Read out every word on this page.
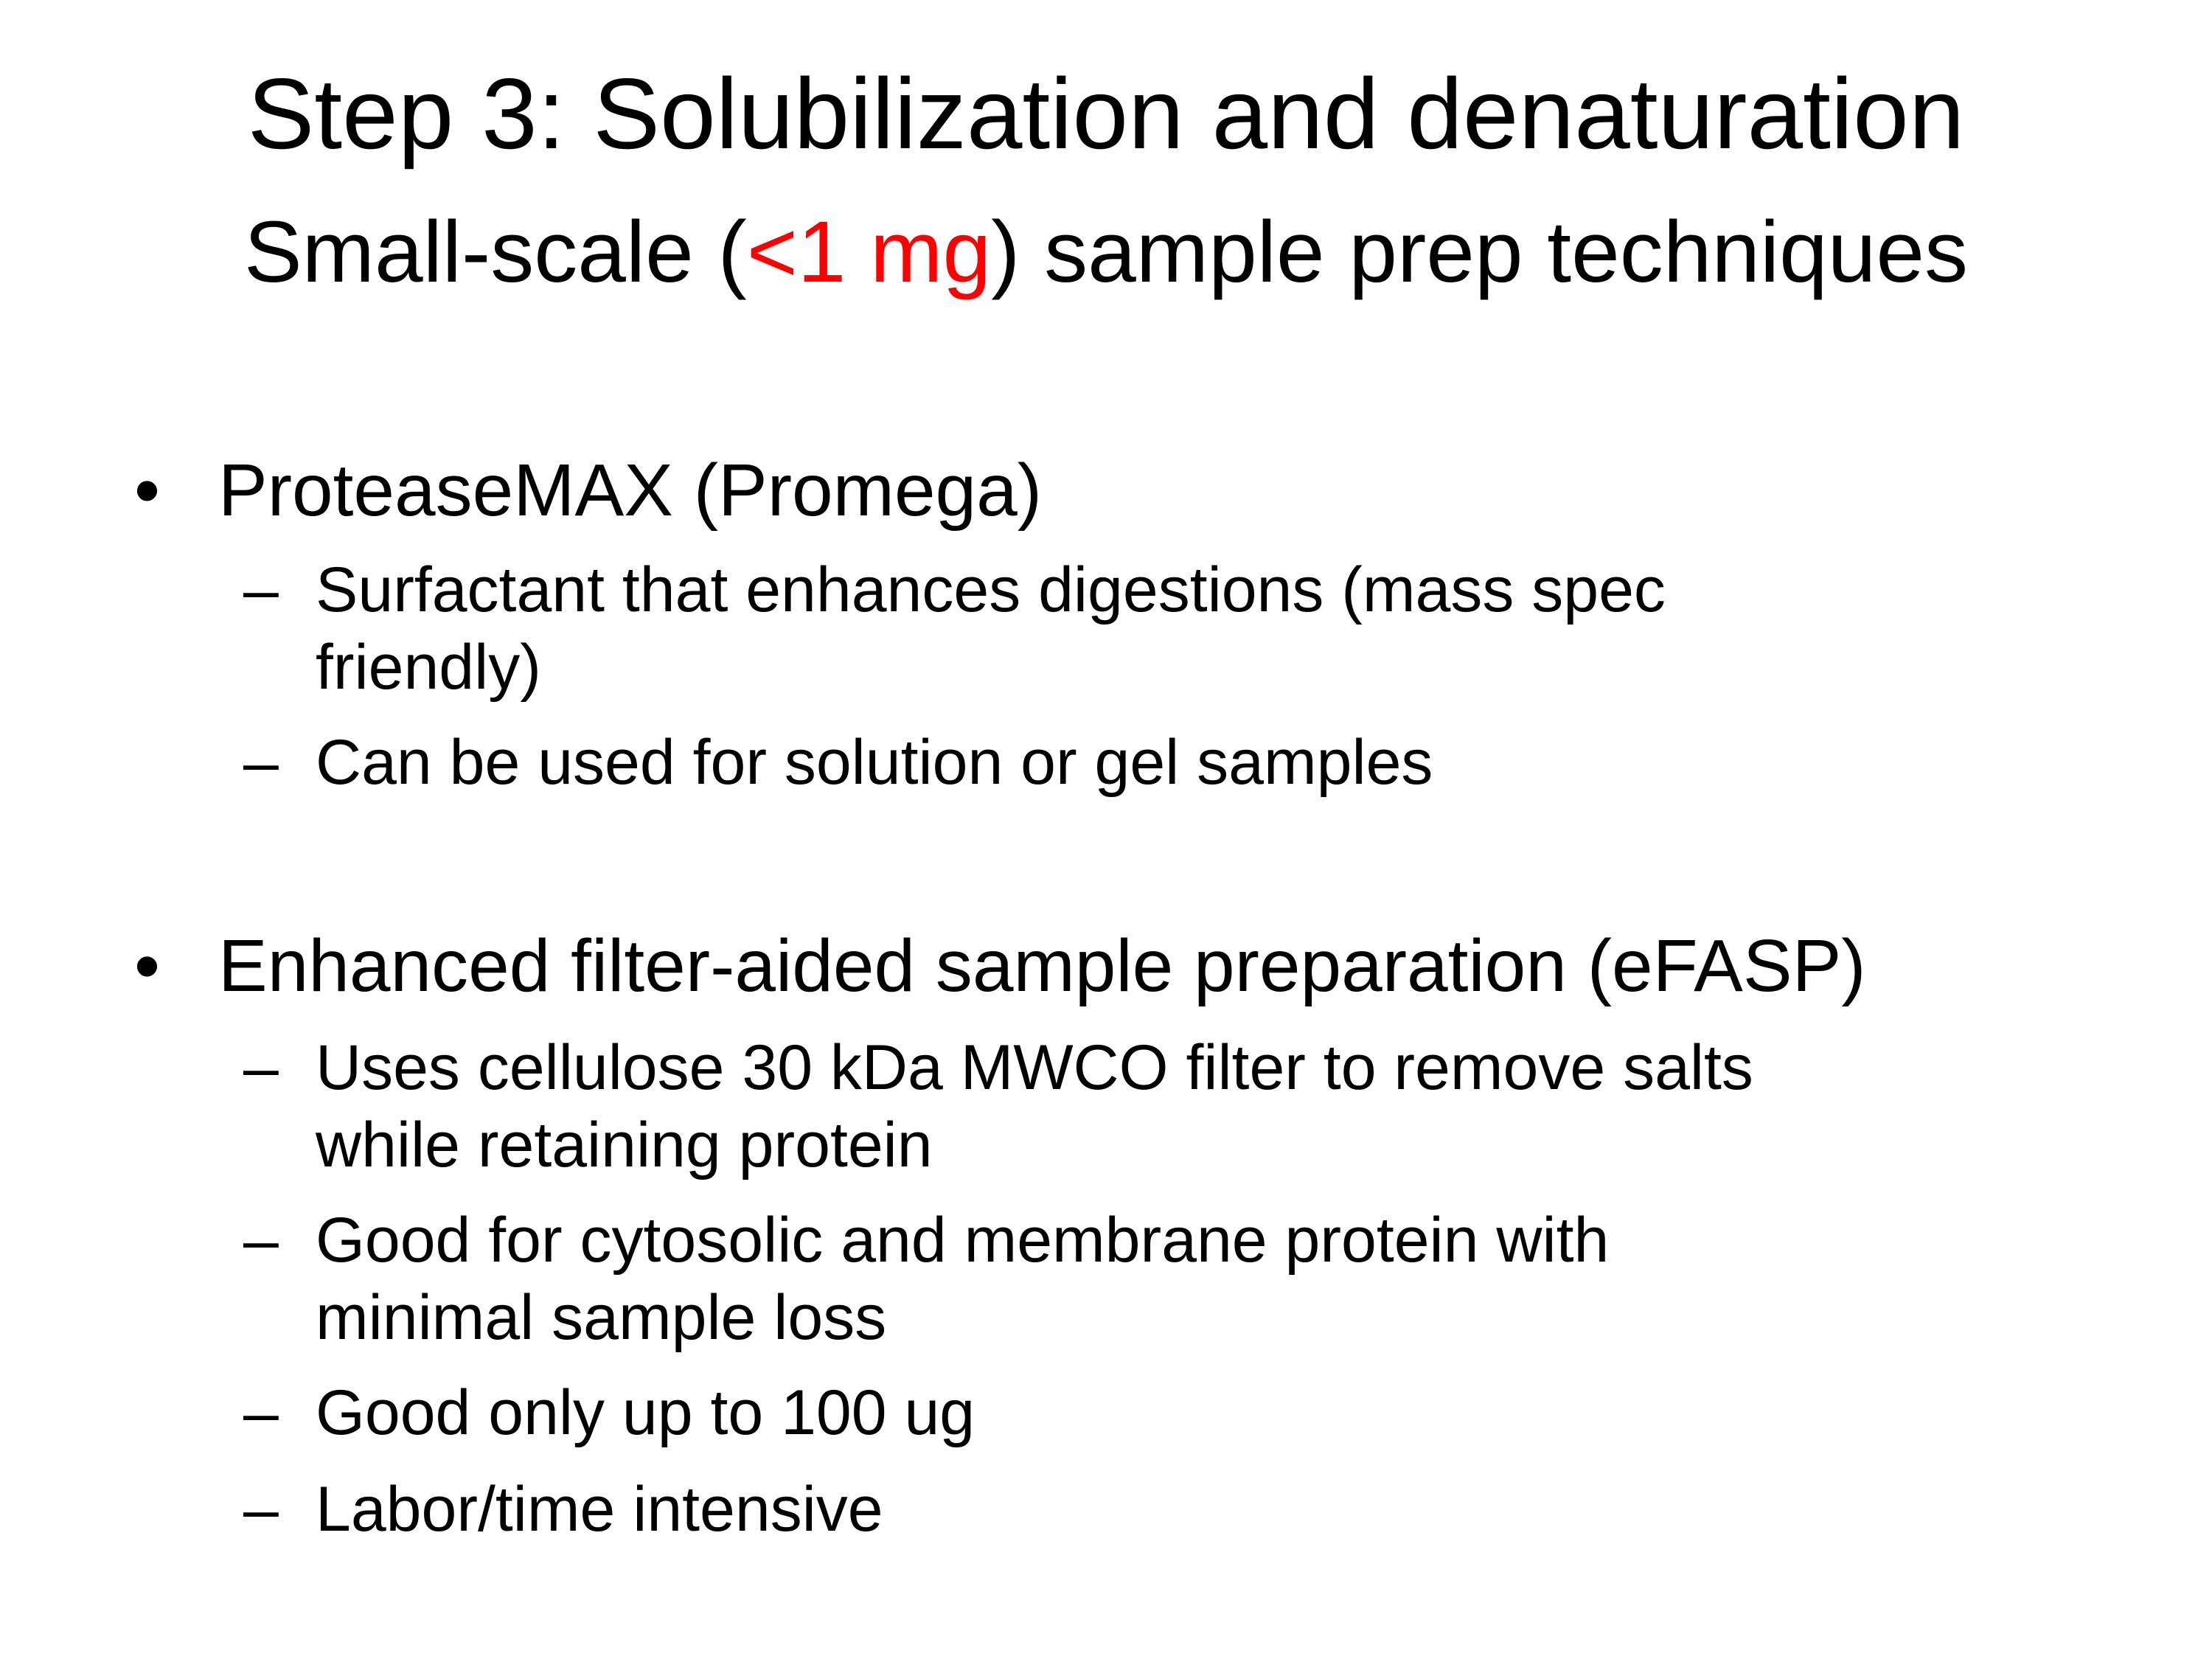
Step 3: Solubilization and denaturation
Small-scale (<1 mg) sample prep techniques
• ProteaseMAX (Promega)
– Surfactant that enhances digestions (mass spec
friendly)
– Can be used for solution or gel samples
• Enhanced filter-aided sample preparation (eFASP)
– Uses cellulose 30 kDa MWCO filter to remove salts
while retaining protein
– Good for cytosolic and membrane protein with
minimal sample loss
– Good only up to 100 ug
– Labor/time intensive
